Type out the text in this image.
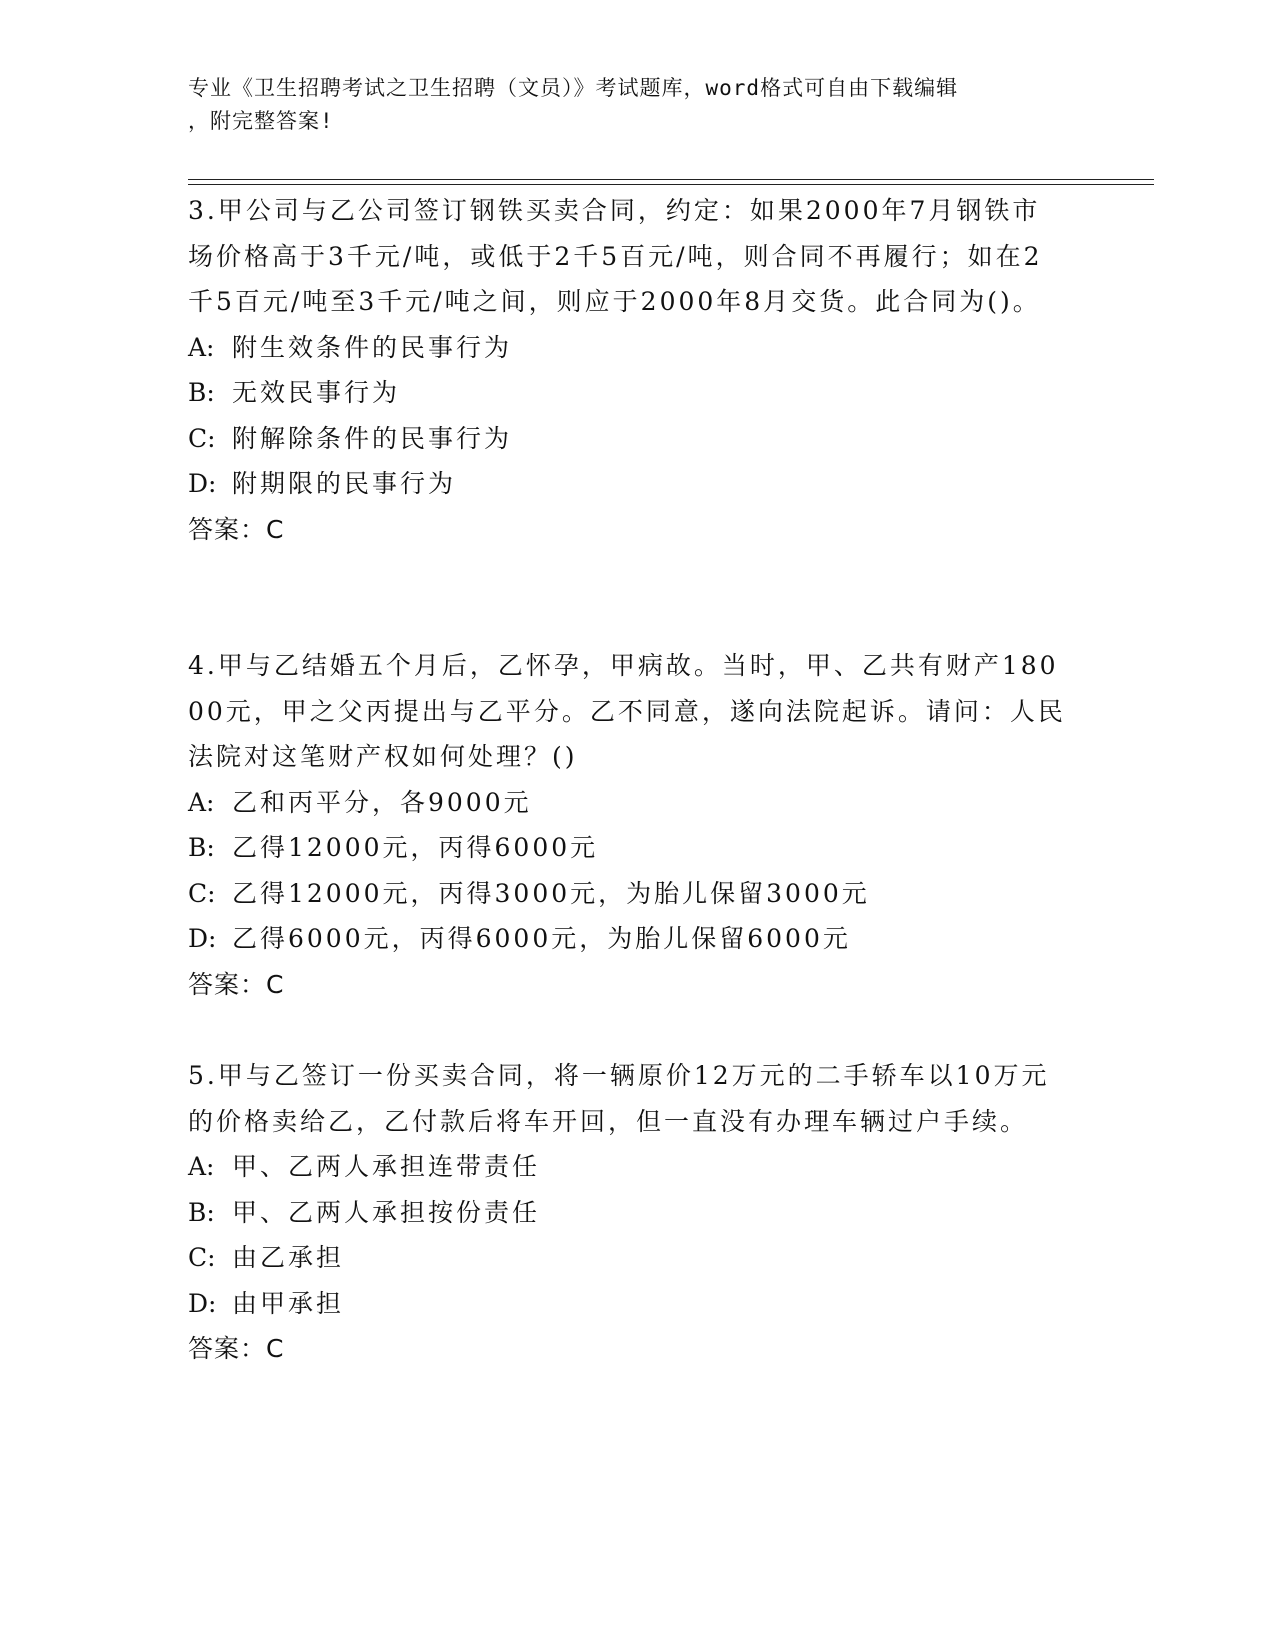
专业《卫生招聘考试之卫生招聘（文员）》考试题库，word格式可自由下载编辑
，附完整答案!

3.甲公司与乙公司签订钢铁买卖合同，约定：如果2000年7月钢铁市场价格高于3千元/吨，或低于2千5百元/吨，则合同不再履行；如在2千5百元/吨至3千元/吨之间，则应于2000年8月交货。此合同为()。

A: 附生效条件的民事行为
B: 无效民事行为
C: 附解除条件的民事行为
D: 附期限的民事行为

答案：C

4.甲与乙结婚五个月后，乙怀孕，甲病故。当时，甲、乙共有财产18000元，甲之父丙提出与乙平分。乙不同意，遂向法院起诉。请问：人民法院对这笔财产权如何处理？()

A: 乙和丙平分，各9000元
B: 乙得12000元，丙得6000元
C: 乙得12000元，丙得3000元，为胎儿保留3000元
D: 乙得6000元，丙得6000元，为胎儿保留6000元

答案：C

5.甲与乙签订一份买卖合同，将一辆原价12万元的二手轿车以10万元的价格卖给乙，乙付款后将车开回，但一直没有办理车辆过户手续。

A: 甲、乙两人承担连带责任
B: 甲、乙两人承担按份责任
C: 由乙承担
D: 由甲承担

答案：C
